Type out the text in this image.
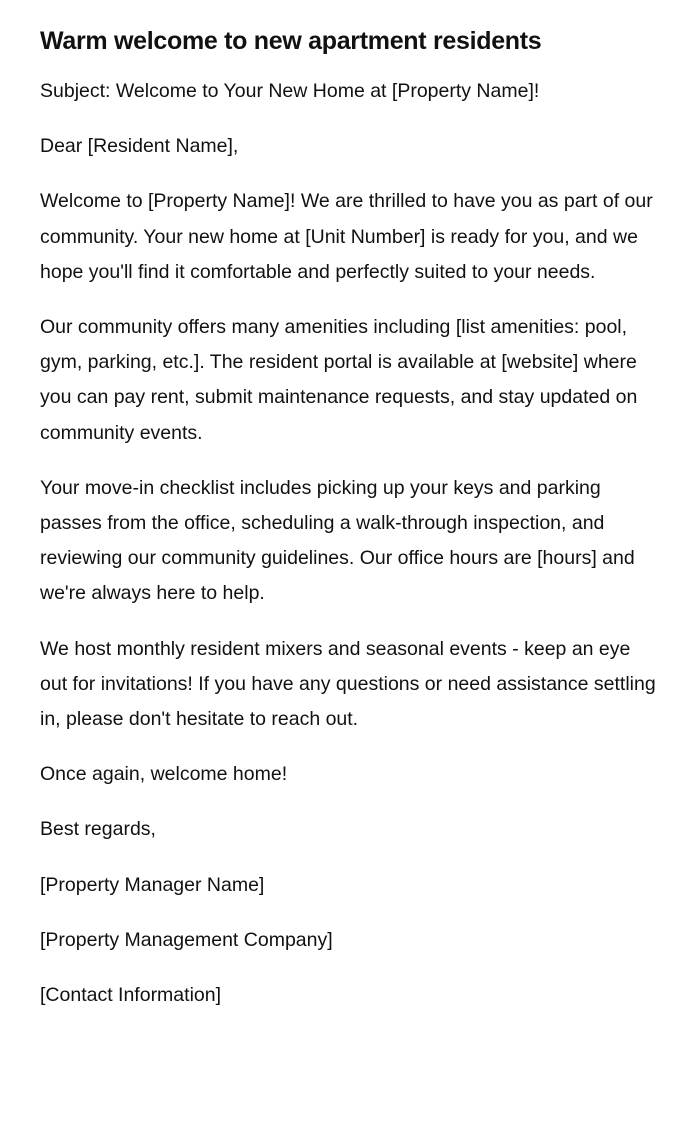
Warm welcome to new apartment residents

Subject: Welcome to Your New Home at [Property Name]!

Dear [Resident Name],

Welcome to [Property Name]! We are thrilled to have you as part of our community. Your new home at [Unit Number] is ready for you, and we hope you'll find it comfortable and perfectly suited to your needs.

Our community offers many amenities including [list amenities: pool, gym, parking, etc.]. The resident portal is available at [website] where you can pay rent, submit maintenance requests, and stay updated on community events.

Your move-in checklist includes picking up your keys and parking passes from the office, scheduling a walk-through inspection, and reviewing our community guidelines. Our office hours are [hours] and we're always here to help.

We host monthly resident mixers and seasonal events - keep an eye out for invitations! If you have any questions or need assistance settling in, please don't hesitate to reach out.

Once again, welcome home!

Best regards,

[Property Manager Name]

[Property Management Company]

[Contact Information]
